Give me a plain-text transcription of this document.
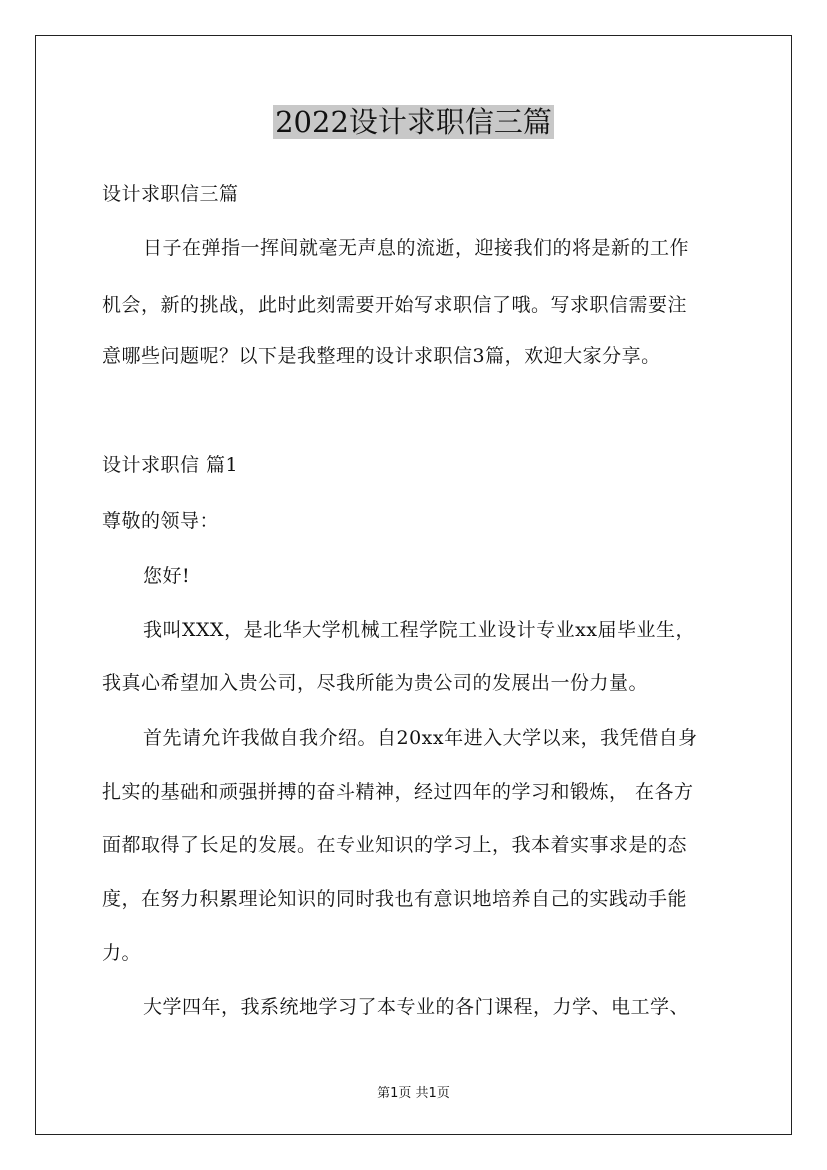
2022设计求职信三篇
设计求职信三篇
日子在弹指一挥间就毫无声息的流逝，迎接我们的将是新的工作
机会，新的挑战，此时此刻需要开始写求职信了哦。写求职信需要注
意哪些问题呢？以下是我整理的设计求职信3篇，欢迎大家分享。
设计求职信 篇1
尊敬的领导：
您好!
我叫XXX，是北华大学机械工程学院工业设计专业xx届毕业生，
我真心希望加入贵公司，尽我所能为贵公司的发展出一份力量。
首先请允许我做自我介绍。自20xx年进入大学以来，我凭借自身
扎实的基础和顽强拼搏的奋斗精神，经过四年的学习和锻炼， 在各方
面都取得了长足的发展。在专业知识的学习上，我本着实事求是的态
度，在努力积累理论知识的同时我也有意识地培养自己的实践动手能
力。
大学四年，我系统地学习了本专业的各门课程，力学、电工学、
第1页 共1页
